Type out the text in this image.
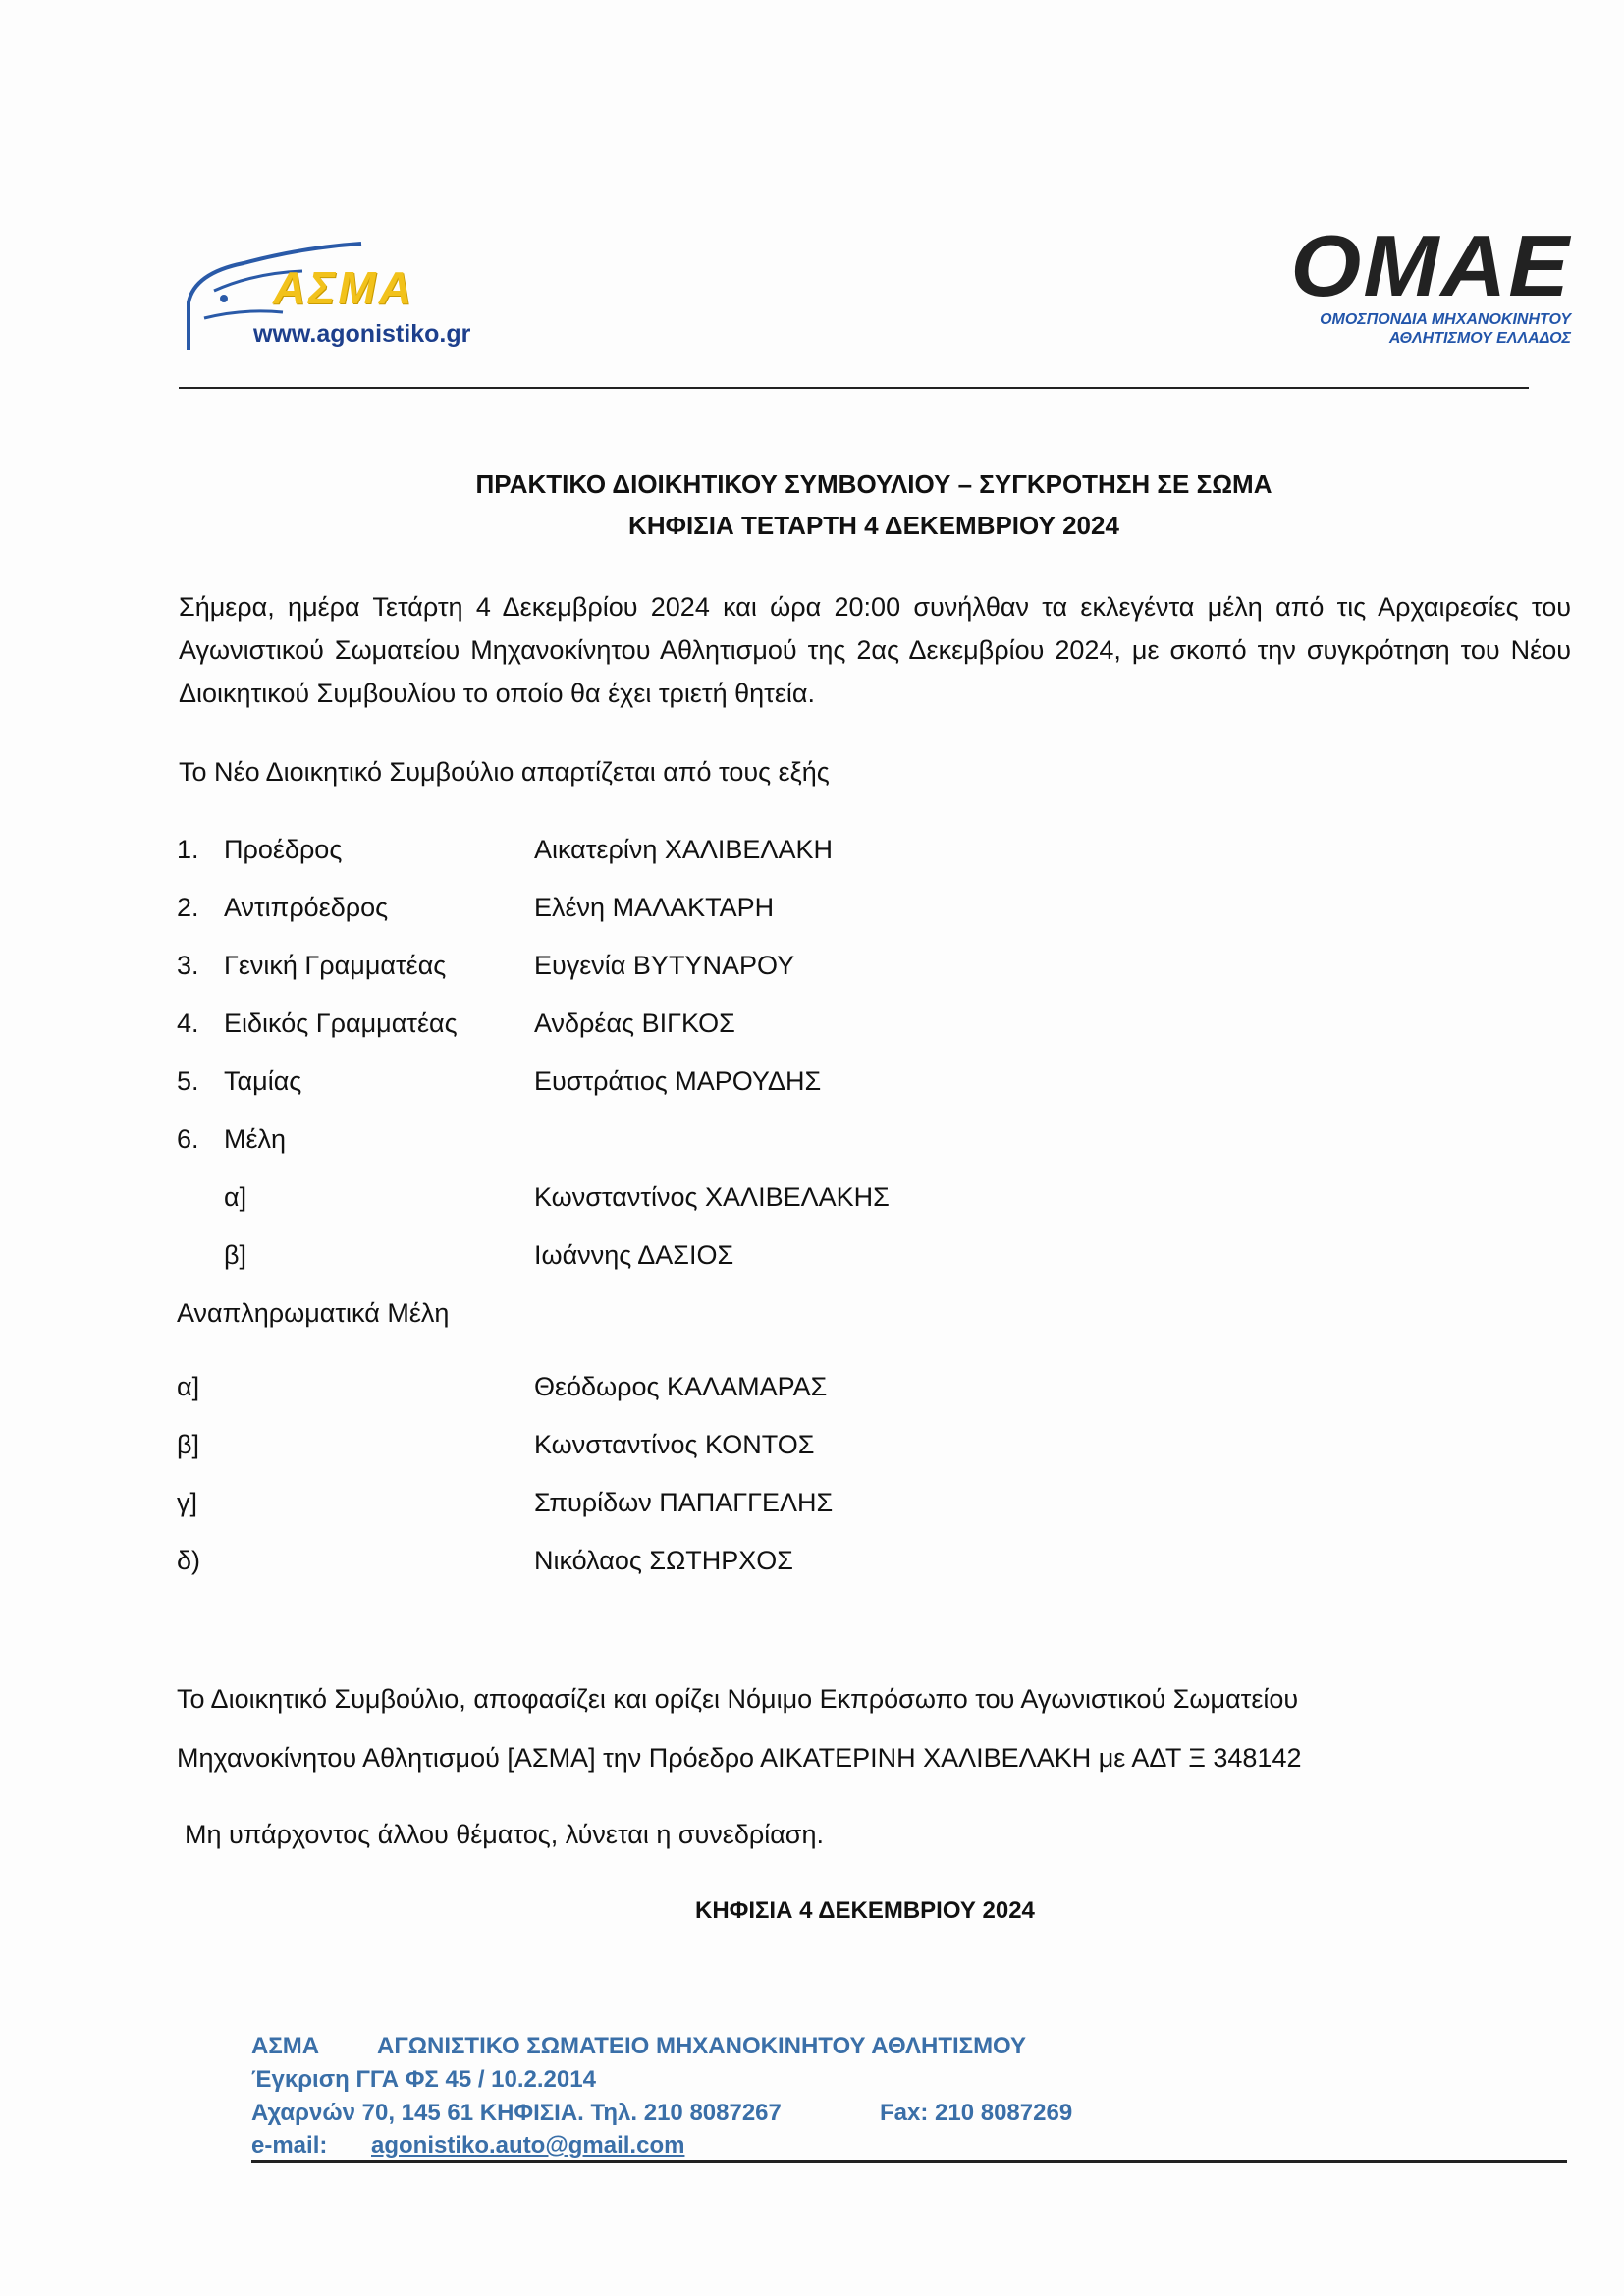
ΑΣΜΑ
www.agonistiko.gr
ΟΜΑΕ
ΟΜΟΣΠΟΝΔΙΑ ΜΗΧΑΝΟΚΙΝΗΤΟΥ
ΑΘΛΗΤΙΣΜΟΥ ΕΛΛΑΔΟΣ
ΠΡΑΚΤΙΚΟ ΔΙΟΙΚΗΤΙΚΟΥ ΣΥΜΒΟΥΛΙΟΥ – ΣΥΓΚΡΟΤΗΣΗ ΣΕ ΣΩΜΑ
ΚΗΦΙΣΙΑ ΤΕΤΑΡΤΗ 4 ΔΕΚΕΜΒΡΙΟΥ 2024
Σήμερα, ημέρα Τετάρτη 4 Δεκεμβρίου 2024 και ώρα 20:00 συνήλθαν τα εκλεγέντα μέλη από τις Αρχαιρεσίες του Αγωνιστικού Σωματείου Μηχανοκίνητου Αθλητισμού της 2ας Δεκεμβρίου 2024, με σκοπό την συγκρότηση του Νέου Διοικητικού Συμβουλίου το οποίο θα έχει τριετή θητεία.
Το Νέο Διοικητικό Συμβούλιο απαρτίζεται από τους εξής
1. Προέδρος	Αικατερίνη ΧΑΛΙΒΕΛΑΚΗ
2. Αντιπρόεδρος	Ελένη ΜΑΛΑΚΤΑΡΗ
3. Γενική Γραμματέας	Ευγενία ΒΥΤΥΝΑΡΟΥ
4. Ειδικός Γραμματέας	Ανδρέας ΒΙΓΚΟΣ
5. Ταμίας	Ευστράτιος ΜΑΡΟΥΔΗΣ
6. Μέλη
α]	Κωνσταντίνος ΧΑΛΙΒΕΛΑΚΗΣ
β]	Ιωάννης ΔΑΣΙΟΣ
Αναπληρωματικά Μέλη
α]	Θεόδωρος ΚΑΛΑΜΑΡΑΣ
β]	Κωνσταντίνος ΚΟΝΤΟΣ
γ]	Σπυρίδων ΠΑΠΑΓΓΕΛΗΣ
δ)	Νικόλαος ΣΩΤΗΡΧΟΣ
Το Διοικητικό Συμβούλιο, αποφασίζει και ορίζει Νόμιμο Εκπρόσωπο του Αγωνιστικού Σωματείου
Μηχανοκίνητου Αθλητισμού [ΑΣΜΑ] την Πρόεδρο ΑΙΚΑΤΕΡΙΝΗ ΧΑΛΙΒΕΛΑΚΗ με ΑΔΤ Ξ 348142
Μη υπάρχοντος άλλου θέματος, λύνεται η συνεδρίαση.
ΚΗΦΙΣΙΑ 4 ΔΕΚΕΜΒΡΙΟΥ 2024
ΑΣΜΑ ΑΓΩΝΙΣΤΙΚΟ ΣΩΜΑΤΕΙΟ ΜΗΧΑΝΟΚΙΝΗΤΟΥ ΑΘΛΗΤΙΣΜΟΥ
Έγκριση ΓΓΑ ΦΣ 45 / 10.2.2014
Αχαρνών 70, 145 61 ΚΗΦΙΣΙΑ. Τηλ. 210 8087267	Fax: 210 8087269
e-mail: agonistiko.auto@gmail.com
